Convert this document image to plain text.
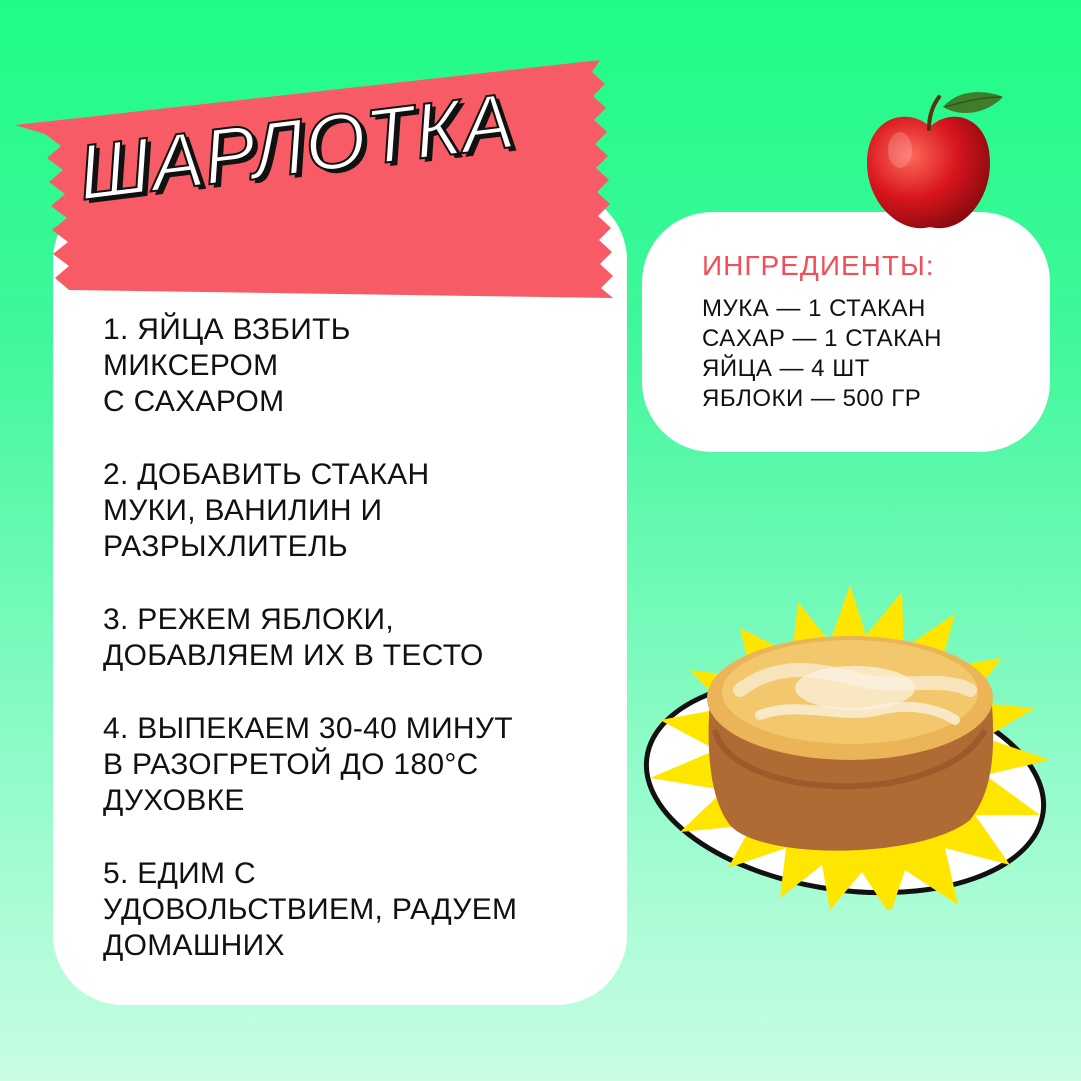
ШАРЛОТКА
1. ЯЙЦА ВЗБИТЬ
МИКСЕРОМ
С САХАРОМ
2. ДОБАВИТЬ СТАКАН
МУКИ, ВАНИЛИН И
РАЗРЫХЛИТЕЛЬ
3. РЕЖЕМ ЯБЛОКИ,
ДОБАВЛЯЕМ ИХ В ТЕСТО
4. ВЫПЕКАЕМ 30-40 МИНУТ
В РАЗОГРЕТОЙ ДО 180°С
ДУХОВКЕ
5. ЕДИМ С
УДОВОЛЬСТВИЕМ, РАДУЕМ
ДОМАШНИХ
ИНГРЕДИЕНТЫ:
МУКА — 1 СТАКАН
САХАР — 1 СТАКАН
ЯЙЦА — 4 ШТ
ЯБЛОКИ — 500 ГР
